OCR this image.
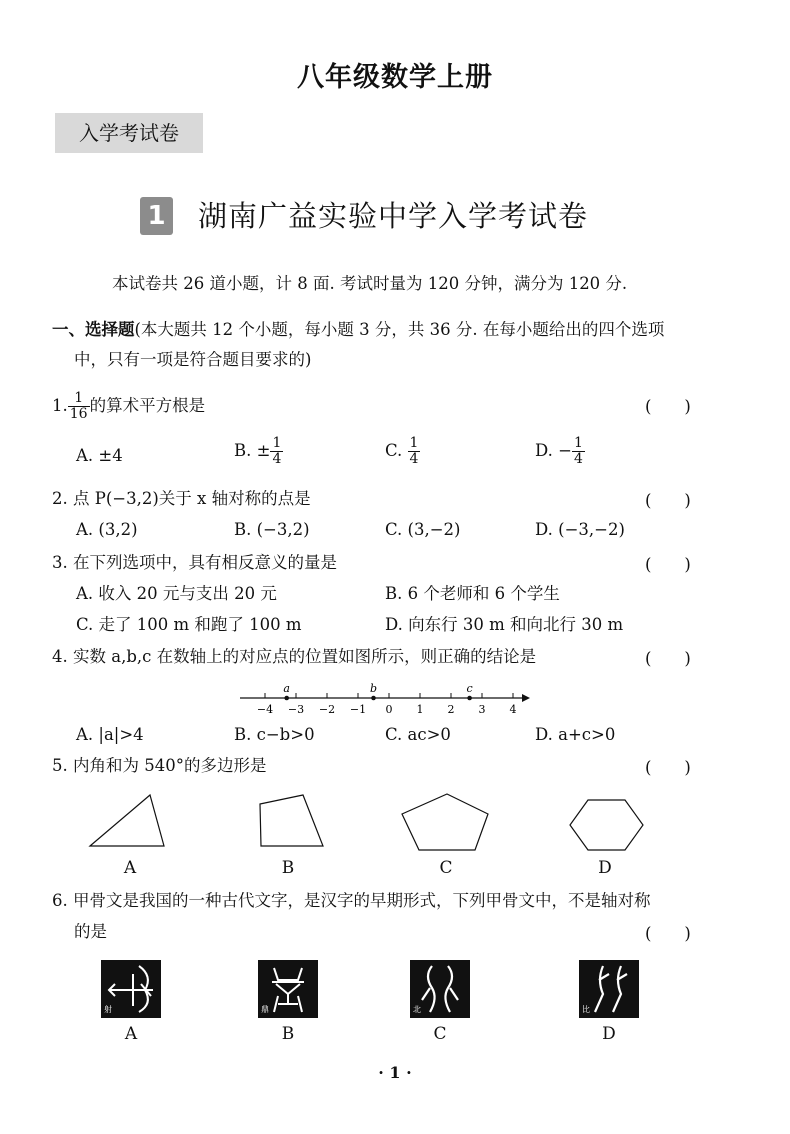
八年级数学上册
入学考试卷
1 湖南广益实验中学入学考试卷
本试卷共 26 道小题，计 8 面. 考试时量为 120 分钟，满分为 120 分.
一、选择题(本大题共 12 个小题，每小题 3 分，共 36 分. 在每小题给出的四个选项
中，只有一项是符合题目要求的)
1. $\frac{1}{16}$ 的算术平方根是	(　　)
A. ±4	B. ± $\frac{1}{4}$	C. $\frac{1}{4}$	D. − $\frac{1}{4}$
2. 点 P(−3,2)关于 x 轴对称的点是	(　　)
A. (3,2)	B. (−3,2)	C. (3,−2)	D. (−3,−2)
3. 在下列选项中，具有相反意义的量是	(　　)
A. 收入 20 元与支出 20 元	B. 6 个老师和 6 个学生
C. 走了 100 m 和跑了 100 m	D. 向东行 30 m 和向北行 30 m
4. 实数 a,b,c 在数轴上的对应点的位置如图所示，则正确的结论是	(　　)
−4 −3 −2 −1 0 1 2 3 4
a	b	c
A. |a|>4	B. c−b>0	C. ac>0	D. a+c>0
5. 内角和为 540°的多边形是	(　　)
A	B	C	D
6. 甲骨文是我国的一种古代文字，是汉字的早期形式，下列甲骨文中，不是轴对称
的是	(　　)
射	鼎	北	比
A	B	C	D
· 1 ·
